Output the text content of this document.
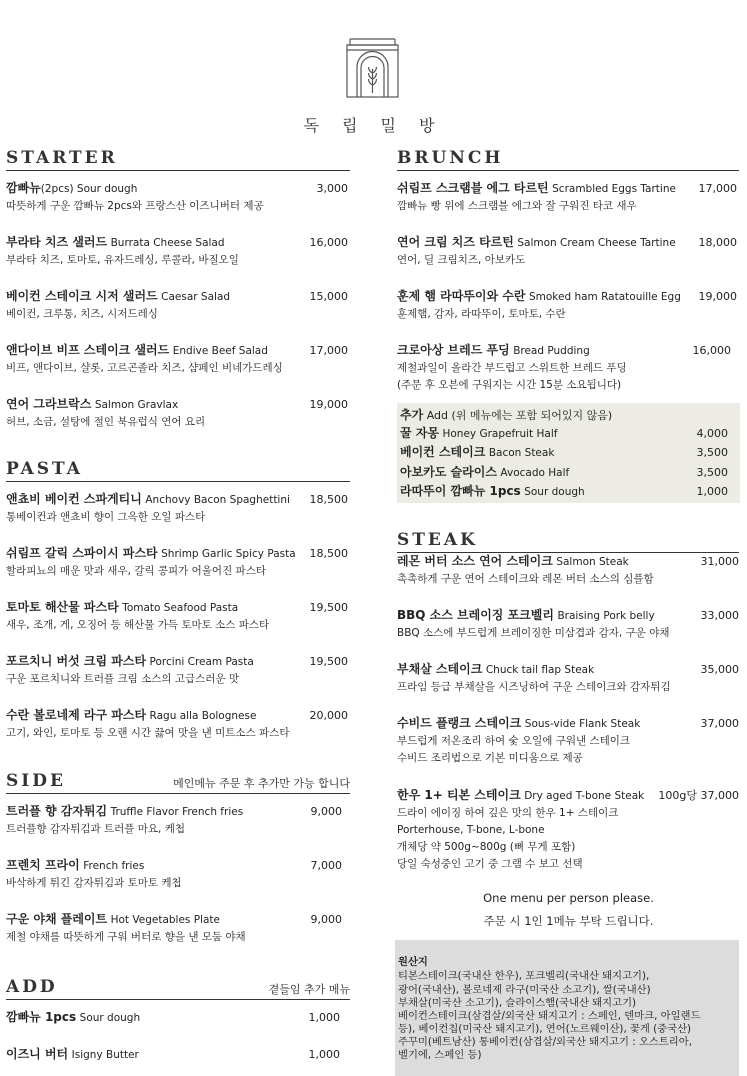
독 립 밀 방
STARTER
깜빠뉴(2pcs) Sour dough	3,000
따뜻하게 구운 깜빠뉴 2pcs와 프랑스산 이즈니버터 제공
부라타 치즈 샐러드 Burrata Cheese Salad	16,000
부라타 치즈, 토마토, 유자드레싱, 루콜라, 바질오일
베이컨 스테이크 시저 샐러드 Caesar Salad	15,000
베이컨, 크루통, 치즈, 시저드레싱
앤다이브 비프 스테이크 샐러드 Endive Beef Salad	17,000
비프, 앤다이브, 샬롯, 고르곤졸라 치즈, 샴페인 비네가드레싱
연어 그라브락스 Salmon Gravlax	19,000
허브, 소금, 설탕에 절인 북유럽식 연어 요리
PASTA
앤쵸비 베이컨 스파게티니 Anchovy Bacon Spaghettini	18,500
통베이컨과 앤쵸비 향이 그윽한 오일 파스타
쉬림프 갈릭 스파이시 파스타 Shrimp Garlic Spicy Pasta	18,500
할라피뇨의 매운 맛과 새우, 갈릭 콩피가 어울어진 파스타
토마토 해산물 파스타 Tomato Seafood Pasta	19,500
새우, 조개, 게, 오징어 등 해산물 가득 토마토 소스 파스타
포르치니 버섯 크림 파스타 Porcini Cream Pasta	19,500
구운 포르치니와 트러플 크림 소스의 고급스러운 맛
수란 볼로네제 라구 파스타 Ragu alla Bolognese	20,000
고기, 와인, 토마토 등 오랜 시간 끓여 맛을 낸 미트소스 파스타
SIDE	메인메뉴 주문 후 추가만 가능 합니다
트러플 향 감자튀김 Truffle Flavor French fries	9,000
트러플향 감자튀김과 트러플 마요, 케첩
프렌치 프라이 French fries	7,000
바삭하게 튀긴 감자튀김과 토마토 케첩
구운 야채 플레이트 Hot Vegetables Plate	9,000
제철 야채를 따뜻하게 구워 버터로 향을 낸 모둠 야채
ADD	곁들임 추가 메뉴
깜빠뉴 1pcs Sour dough	1,000
이즈니 버터 Isigny Butter	1,000
BRUNCH
쉬림프 스크램블 에그 타르틴 Scrambled Eggs Tartine	17,000
깜빠뉴 빵 위에 스크램블 에그와 잘 구워진 타코 새우
연어 크림 치즈 타르틴 Salmon Cream Cheese Tartine	18,000
연어, 딜 크림치즈, 아보카도
훈제 햄 라따뚜이와 수란 Smoked ham Ratatouille Egg	19,000
훈제햄, 감자, 라따뚜이, 토마토, 수란
크로아상 브레드 푸딩 Bread Pudding	16,000
제철과일이 올라간 부드럽고 스위트한 브레드 푸딩
(주문 후 오븐에 구워지는 시간 15분 소요됩니다)
추가 Add (위 메뉴에는 포함 되어있지 않음)
꿀 자몽 Honey Grapefruit Half	4,000
베이컨 스테이크 Bacon Steak	3,500
아보카도 슬라이스 Avocado Half	3,500
라따뚜이 깜빠뉴 1pcs Sour dough	1,000
STEAK
레몬 버터 소스 연어 스테이크 Salmon Steak	31,000
촉촉하게 구운 연어 스테이크와 레몬 버터 소스의 심플함
BBQ 소스 브레이징 포크벨리 Braising Pork belly	33,000
BBQ 소스에 부드럽게 브레이징한 미삼겹과 감자, 구운 야채
부채살 스테이크 Chuck tail flap Steak	35,000
프라임 등급 부채살을 시즈닝하여 구운 스테이크와 감자튀김
수비드 플랭크 스테이크 Sous-vide Flank Steak	37,000
부드럽게 저온조리 하여 숯 오일에 구워낸 스테이크
수비드 조리법으로 기본 미디움으로 제공
한우 1+ 티본 스테이크 Dry aged T-bone Steak	100g당 37,000
드라이 에이징 하여 깊은 맛의 한우 1+ 스테이크
Porterhouse, T-bone, L-bone
개체당 약 500g~800g (뼈 무게 포함)
당일 숙성중인 고기 중 그램 수 보고 선택
One menu per person please.
주문 시 1인 1메뉴 부탁 드립니다.
원산지
티본스테이크(국내산 한우), 포크벨리(국내산 돼지고기),
광어(국내산), 볼로네제 라구(미국산 소고기), 쌀(국내산)
부채살(미국산 소고기), 슬라이스햄(국내산 돼지고기)
베이컨스테이크(삼겹살/외국산 돼지고기 : 스페인, 덴마크, 아일랜드
등), 베이컨칩(미국산 돼지고기), 연어(노르웨이산), 꽃게 (중국산)
주꾸미(베트남산) 통베이컨(삼겹살/외국산 돼지고기 : 오스트리아,
벨기에, 스페인 등)
